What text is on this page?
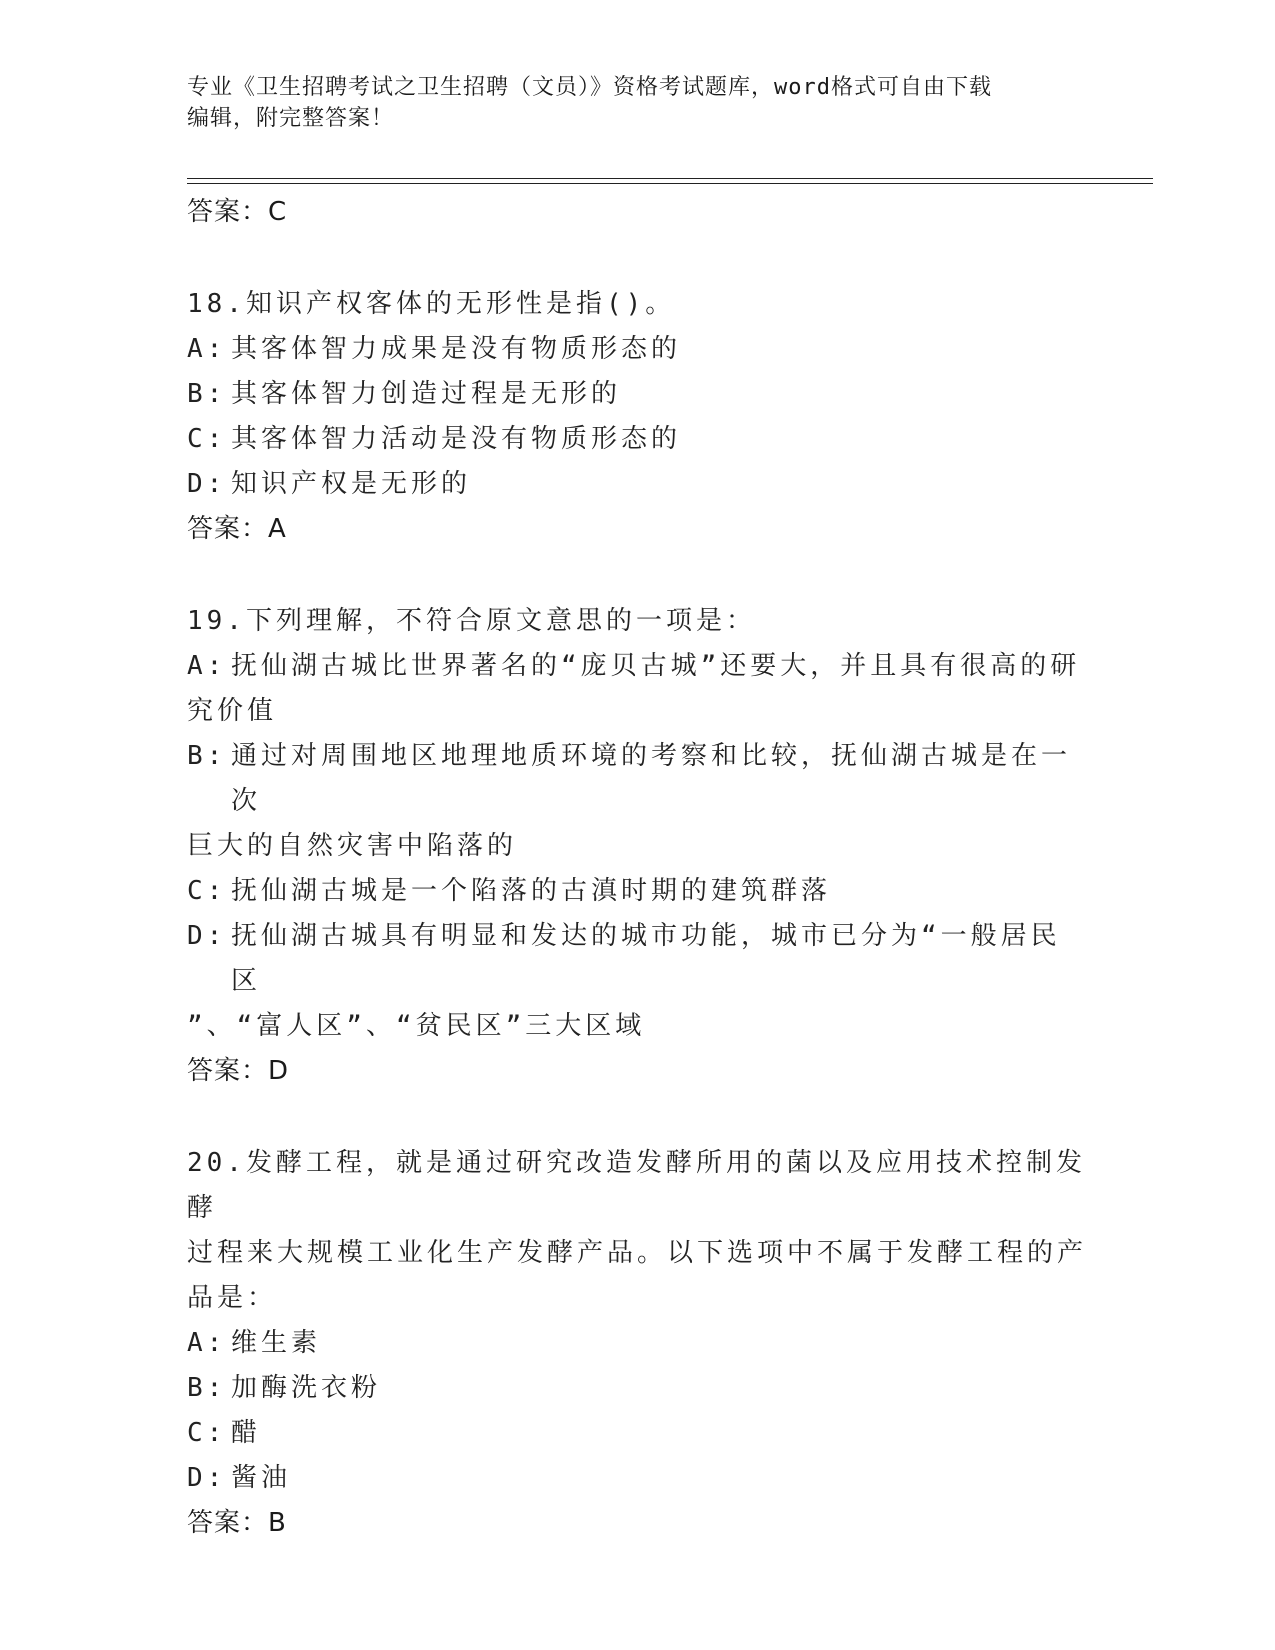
专业《卫生招聘考试之卫生招聘（文员）》资格考试题库，word格式可自由下载
编辑，附完整答案！

答案：C

18.知识产权客体的无形性是指()。

A: 其客体智力成果是没有物质形态的
B: 其客体智力创造过程是无形的
C: 其客体智力活动是没有物质形态的
D: 知识产权是无形的

答案：A

19.下列理解，不符合原文意思的一项是：

A: 抚仙湖古城比世界著名的“庞贝古城”还要大，并且具有很高的研
究价值
B: 通过对周围地区地理地质环境的考察和比较，抚仙湖古城是在一次
巨大的自然灾害中陷落的
C: 抚仙湖古城是一个陷落的古滇时期的建筑群落
D: 抚仙湖古城具有明显和发达的城市功能，城市已分为“一般居民区
”、“富人区”、“贫民区”三大区域

答案：D

20.发酵工程，就是通过研究改造发酵所用的菌以及应用技术控制发酵

过程来大规模工业化生产发酵产品。以下选项中不属于发酵工程的产

品是：

A: 维生素
B: 加酶洗衣粉
C: 醋
D: 酱油

答案：B
